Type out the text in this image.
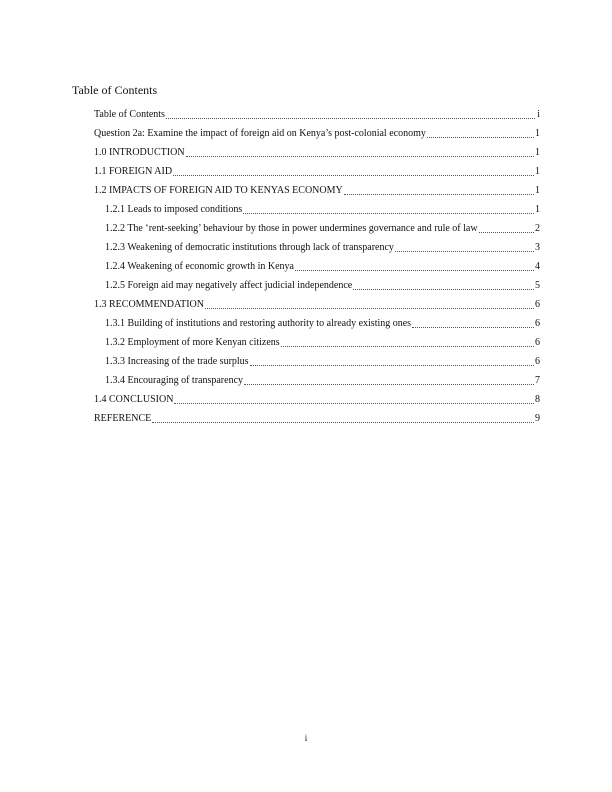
Table of Contents
Table of Contents	i
Question 2a: Examine the impact of foreign aid on Kenya’s post-colonial economy	1
1.0 INTRODUCTION	1
1.1 FOREIGN AID	1
1.2 IMPACTS OF FOREIGN AID TO KENYAS ECONOMY	1
1.2.1 Leads to imposed conditions	1
1.2.2 The ‘rent-seeking’ behaviour by those in power undermines governance and rule of law	2
1.2.3 Weakening of democratic institutions through lack of transparency	3
1.2.4 Weakening of economic growth in Kenya	4
1.2.5 Foreign aid may negatively affect judicial independence	5
1.3 RECOMMENDATION	6
1.3.1 Building of institutions and restoring authority to already existing ones	6
1.3.2 Employment of more Kenyan citizens	6
1.3.3 Increasing of the trade surplus	6
1.3.4 Encouraging of transparency	7
1.4 CONCLUSION	8
REFERENCE	9
i
